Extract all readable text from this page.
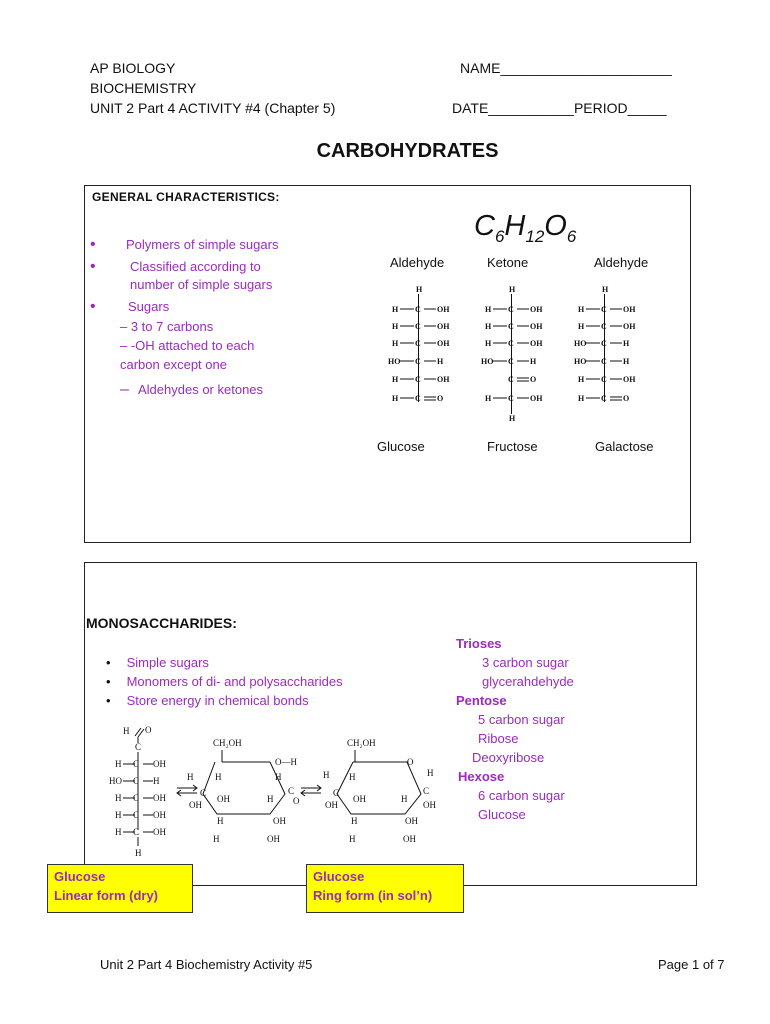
AP BIOLOGY
BIOCHEMISTRY
UNIT 2 Part 4 ACTIVITY #4 (Chapter 5)
NAME______________________
DATE___________PERIOD_____
CARBOHYDRATES
GENERAL CHARACTERISTICS:
• Polymers of simple sugars
•	Classified according to
number of simple sugars
• Sugars
– 3 to 7 carbons
– -OH attached to each
carbon except one
– Aldehydes or ketones
$C_6H_{12}O_6$
Aldehyde	Ketone	Aldehyde
H
H C OH
H C OH
H C OH
HO C H
H C OH
H C O
H
H C OH
H C OH
H C OH
HO C H
C O
H C OH
H
H
H C OH
H C OH
HO C H
HO C H
H C OH
H C O
Glucose	Fructose	Galactose
MONOSACCHARIDES:
• Simple sugars
• Monomers of di- and polysaccharides
• Store energy in chemical bonds
Trioses
3 carbon sugar
glycerahdehyde
Pentose
5 carbon sugar
Ribose
Deoxyribose
Hexose
6 carbon sugar
Glucose
H O
C
H C OH
HO C H
H C OH
H C OH
H C OH
H
CH₂OH
O—H
H H
C
OH
OH
H
C
O
H
H	OH
H	OH
CH₂OH
O
H H
C
OH
OH
H
C
OH
H
H	OH
H	OH
Glucose
Linear form (dry)
Glucose
Ring form (in sol’n)
Unit 2 Part 4 Biochemistry Activity #5	Page 1 of 7
